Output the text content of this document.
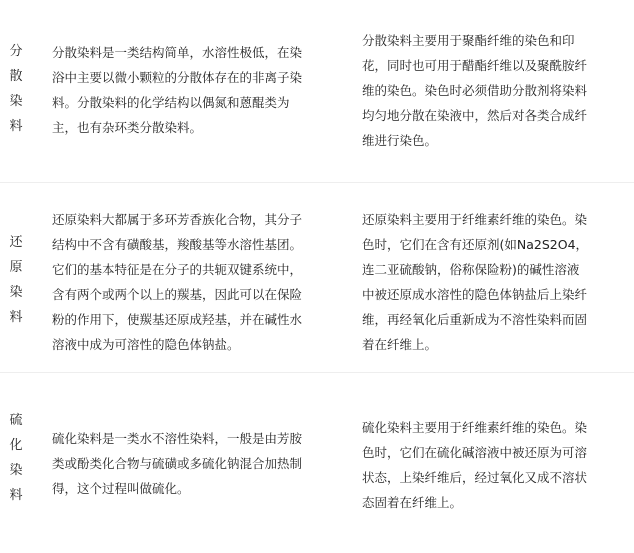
分散染料
分散染料是一类结构简单，水溶性极低，在染
浴中主要以微小颗粒的分散体存在的非离子染
料。分散染料的化学结构以偶氮和蒽醌类为
主，也有杂环类分散染料。
分散染料主要用于聚酯纤维的染色和印
花，同时也可用于醋酯纤维以及聚酰胺纤
维的染色。染色时必须借助分散剂将染料
均匀地分散在染液中，然后对各类合成纤
维进行染色。
还原染料
还原染料大都属于多环芳香族化合物，其分子
结构中不含有磺酸基，羧酸基等水溶性基团。
它们的基本特征是在分子的共轭双键系统中，
含有两个或两个以上的羰基，因此可以在保险
粉的作用下，使羰基还原成羟基，并在碱性水
溶液中成为可溶性的隐色体钠盐。
还原染料主要用于纤维素纤维的染色。染
色时，它们在含有还原剂(如Na2S2O4，
连二亚硫酸钠，俗称保险粉)的碱性溶液
中被还原成水溶性的隐色体钠盐后上染纤
维，再经氧化后重新成为不溶性染料而固
着在纤维上。
硫化染料
硫化染料是一类水不溶性染料，一般是由芳胺
类或酚类化合物与硫磺或多硫化钠混合加热制
得，这个过程叫做硫化。
硫化染料主要用于纤维素纤维的染色。染
色时，它们在硫化碱溶液中被还原为可溶
状态，上染纤维后，经过氧化又成不溶状
态固着在纤维上。
